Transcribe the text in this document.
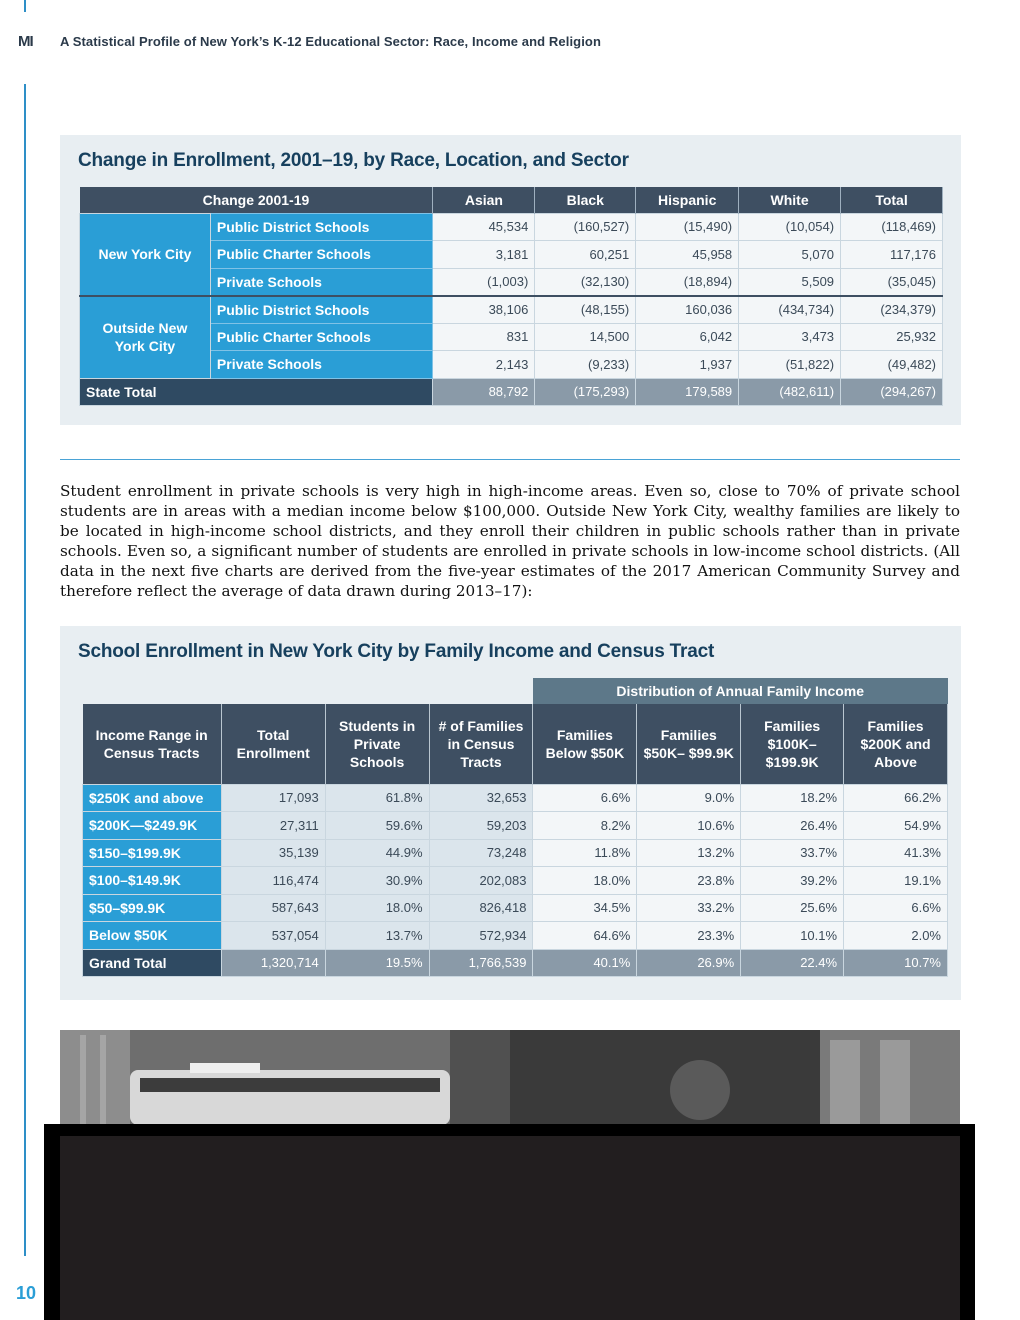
MI A Statistical Profile of New York’s K-12 Educational Sector: Race, Income and Religion
Change in Enrollment, 2001–19, by Race, Location, and Sector
Change 2001-19		Asian	Black	Hispanic	White	Total
New York City	Public District Schools	45,534	(160,527)	(15,490)	(10,054)	(118,469)
	Public Charter Schools	3,181	60,251	45,958	5,070	117,176
	Private Schools	(1,003)	(32,130)	(18,894)	5,509	(35,045)
Outside New York City	Public District Schools	38,106	(48,155)	160,036	(434,734)	(234,379)
	Public Charter Schools	831	14,500	6,042	3,473	25,932
	Private Schools	2,143	(9,233)	1,937	(51,822)	(49,482)
State Total		88,792	(175,293)	179,589	(482,611)	(294,267)
Student enrollment in private schools is very high in high-income areas. Even so, close to 70% of private school students are in areas with a median income below $100,000. Outside New York City, wealthy families are likely to be located in high-income school districts, and they enroll their children in public schools rather than in private schools. Even so, a significant number of students are enrolled in private schools in low-income school districts. (All data in the next five charts are derived from the five-year estimates of the 2017 American Community Survey and therefore reflect the average of data drawn during 2013–17):
School Enrollment in New York City by Family Income and Census Tract
				Distribution of Annual Family Income			
Income Range in Census Tracts	Total Enrollment	Students in Private Schools	# of Families in Census Tracts	Families Below $50K	Families $50K– $99.9K	Families $100K– $199.9K	Families $200K and Above
$250K and above	17,093	61.8%	32,653	6.6%	9.0%	18.2%	66.2%
$200K—$249.9K	27,311	59.6%	59,203	8.2%	10.6%	26.4%	54.9%
$150–$199.9K	35,139	44.9%	73,248	11.8%	13.2%	33.7%	41.3%
$100–$149.9K	116,474	30.9%	202,083	18.0%	23.8%	39.2%	19.1%
$50–$99.9K	587,643	18.0%	826,418	34.5%	33.2%	25.6%	6.6%
Below $50K	537,054	13.7%	572,934	64.6%	23.3%	10.1%	2.0%
Grand Total	1,320,714	19.5%	1,766,539	40.1%	26.9%	22.4%	10.7%
10
